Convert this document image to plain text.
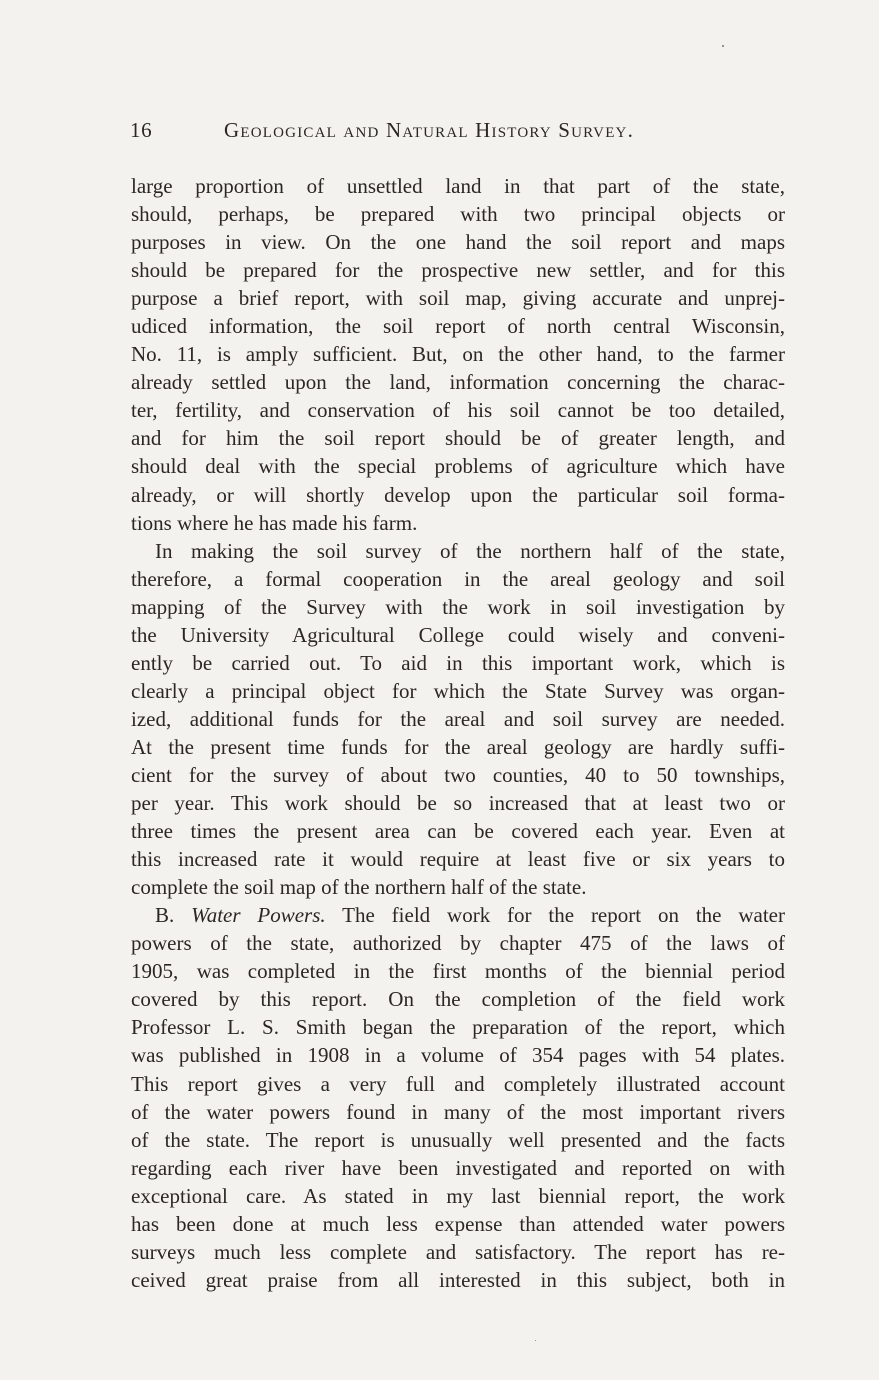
16	Geological and Natural History Survey.
large proportion of unsettled land in that part of the state,
should, perhaps, be prepared with two principal objects or
purposes in view. On the one hand the soil report and maps
should be prepared for the prospective new settler, and for this
purpose a brief report, with soil map, giving accurate and unprej-
udiced information, the soil report of north central Wisconsin,
No. 11, is amply sufficient. But, on the other hand, to the farmer
already settled upon the land, information concerning the charac-
ter, fertility, and conservation of his soil cannot be too detailed,
and for him the soil report should be of greater length, and
should deal with the special problems of agriculture which have
already, or will shortly develop upon the particular soil forma-
tions where he has made his farm.
In making the soil survey of the northern half of the state,
therefore, a formal cooperation in the areal geology and soil
mapping of the Survey with the work in soil investigation by
the University Agricultural College could wisely and conveni-
ently be carried out. To aid in this important work, which is
clearly a principal object for which the State Survey was organ-
ized, additional funds for the areal and soil survey are needed.
At the present time funds for the areal geology are hardly suffi-
cient for the survey of about two counties, 40 to 50 townships,
per year. This work should be so increased that at least two or
three times the present area can be covered each year. Even at
this increased rate it would require at least five or six years to
complete the soil map of the northern half of the state.
B. Water Powers. The field work for the report on the water
powers of the state, authorized by chapter 475 of the laws of
1905, was completed in the first months of the biennial period
covered by this report. On the completion of the field work
Professor L. S. Smith began the preparation of the report, which
was published in 1908 in a volume of 354 pages with 54 plates.
This report gives a very full and completely illustrated account
of the water powers found in many of the most important rivers
of the state. The report is unusually well presented and the facts
regarding each river have been investigated and reported on with
exceptional care. As stated in my last biennial report, the work
has been done at much less expense than attended water powers
surveys much less complete and satisfactory. The report has re-
ceived great praise from all interested in this subject, both in
